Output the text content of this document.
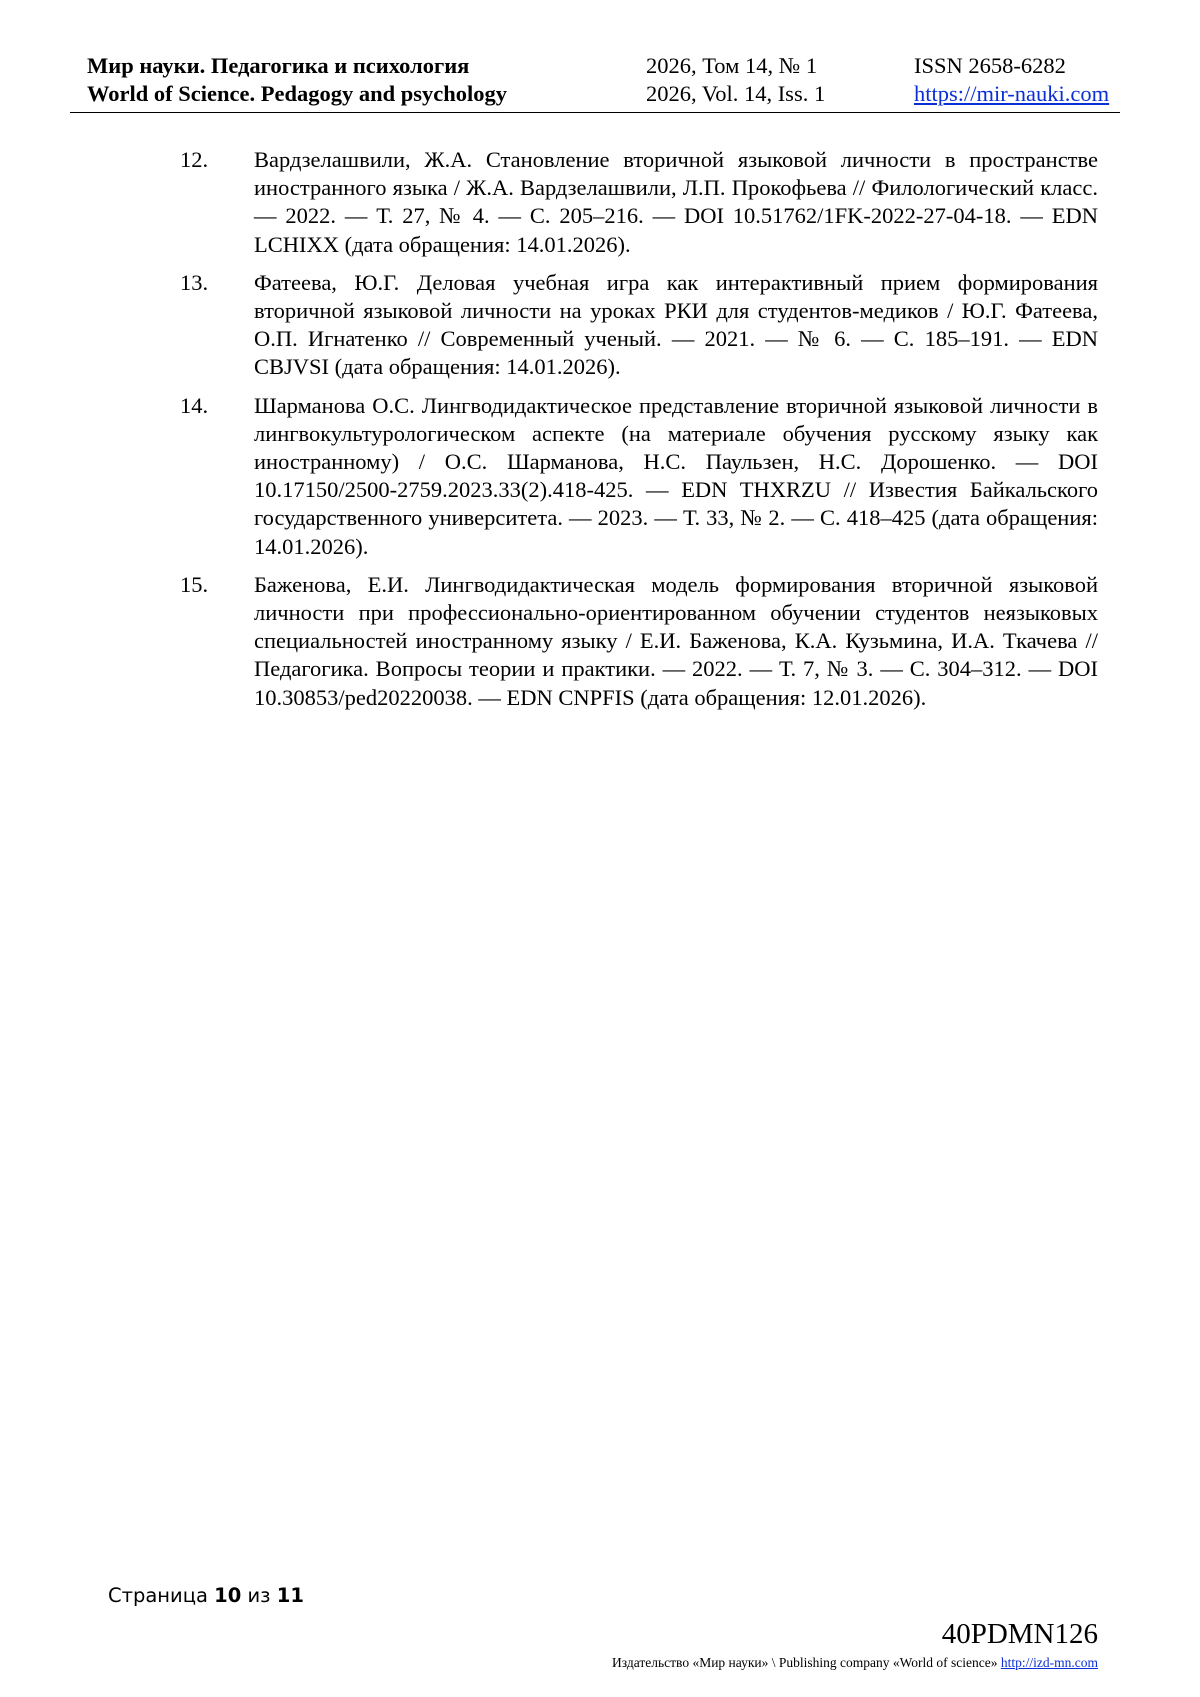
Мир науки. Педагогика и психология
World of Science. Pedagogy and psychology
2026, Том 14, № 1
2026, Vol. 14, Iss. 1
ISSN 2658-6282
https://mir-nauki.com
12.	Вардзелашвили, Ж.А. Становление вторичной языковой личности в пространстве иностранного языка / Ж.А. Вардзелашвили, Л.П. Прокофьева // Филологический класс. — 2022. — Т. 27, № 4. — С. 205–216. — DOI 10.51762/1FK-2022-27-04-18. — EDN LCHIXX (дата обращения: 14.01.2026).
13.	Фатеева, Ю.Г. Деловая учебная игра как интерактивный прием формирования вторичной языковой личности на уроках РКИ для студентов-медиков / Ю.Г. Фатеева, О.П. Игнатенко // Современный ученый. — 2021. — № 6. — С. 185–191. — EDN CBJVSI (дата обращения: 14.01.2026).
14.	Шарманова О.С. Лингводидактическое представление вторичной языковой личности в лингвокультурологическом аспекте (на материале обучения русскому языку как иностранному) / О.С. Шарманова, Н.С. Паульзен, Н.С. Дорошенко. — DOI 10.17150/2500-2759.2023.33(2).418-425. — EDN THXRZU // Известия Байкальского государственного университета. — 2023. — Т. 33, № 2. — С. 418–425 (дата обращения: 14.01.2026).
15.	Баженова, Е.И. Лингводидактическая модель формирования вторичной языковой личности при профессионально-ориентированном обучении студентов неязыковых специальностей иностранному языку / Е.И. Баженова, К.А. Кузьмина, И.А. Ткачева // Педагогика. Вопросы теории и практики. — 2022. — Т. 7, № 3. — С. 304–312. — DOI 10.30853/ped20220038. — EDN CNPFIS (дата обращения: 12.01.2026).
Страница 10 из 11
40PDMN126
Издательство «Мир науки» \ Publishing company «World of science» http://izd-mn.com
